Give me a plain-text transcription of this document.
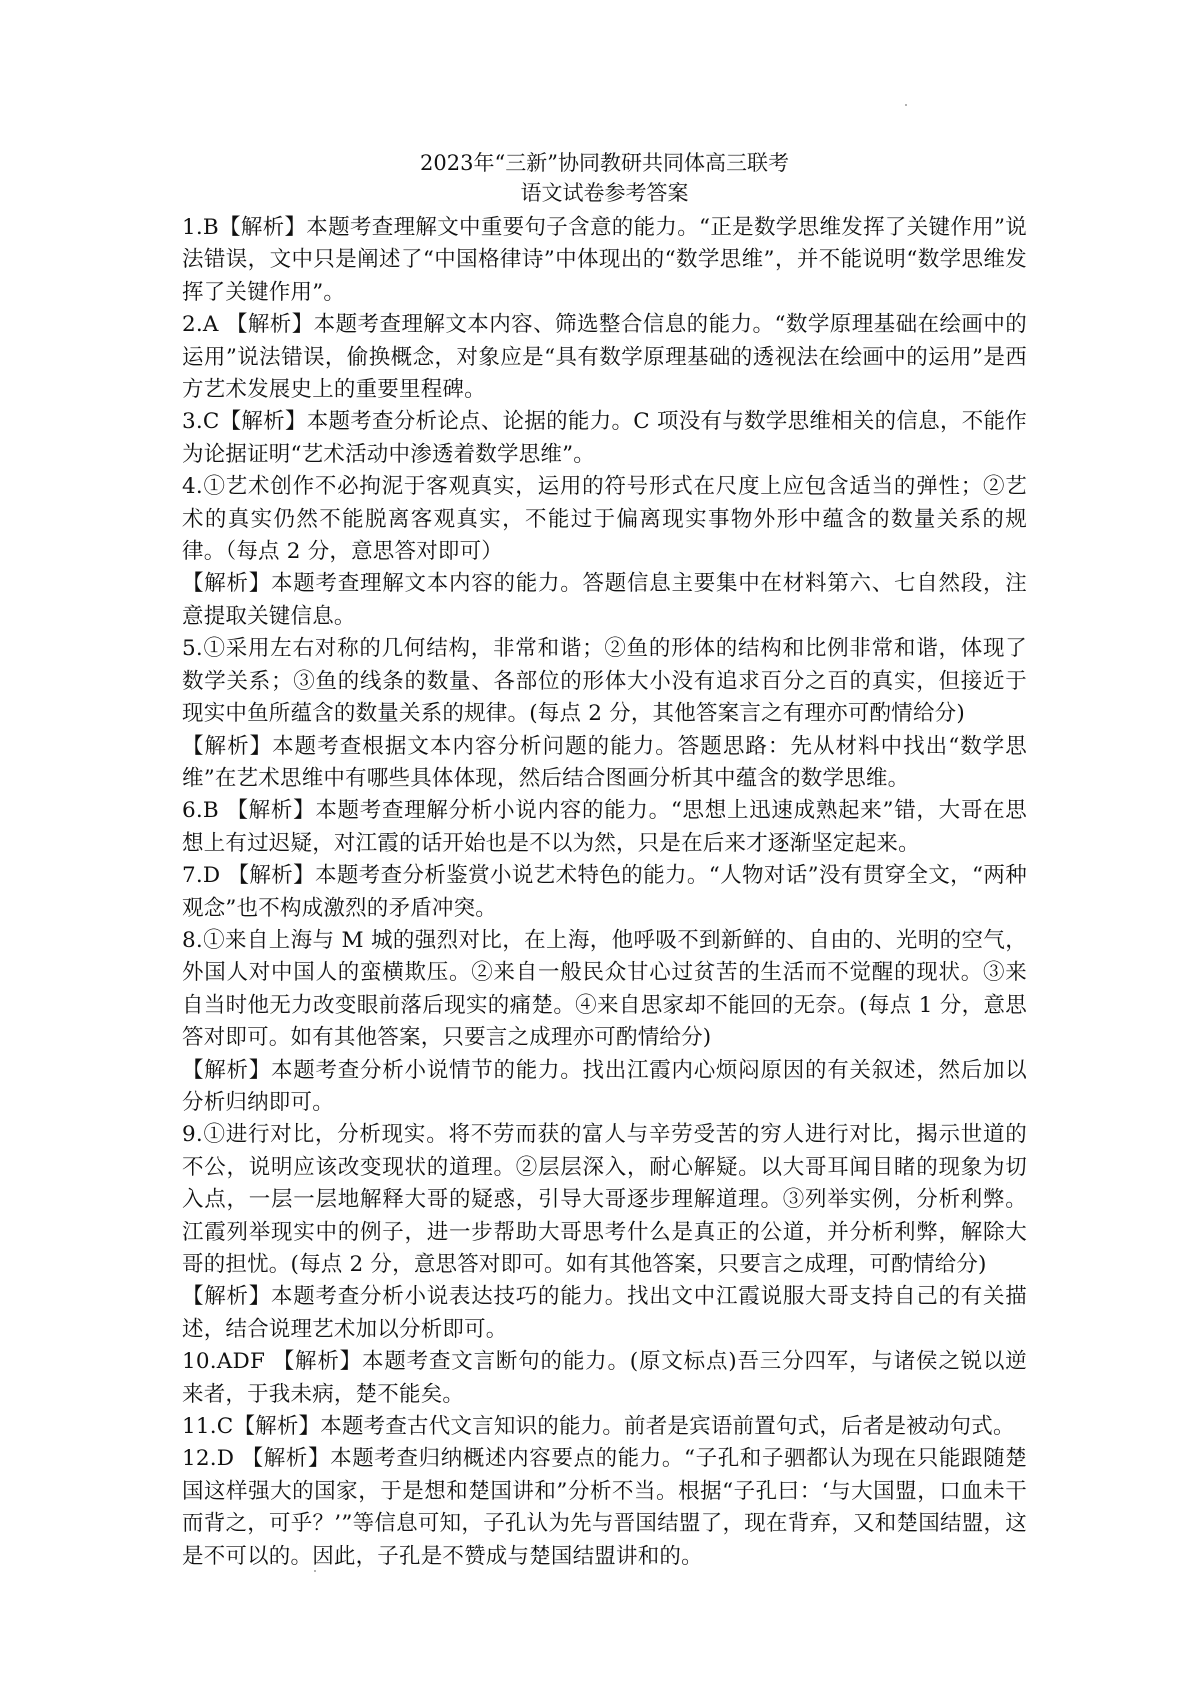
2023年“三新”协同教研共同体高三联考
语文试卷参考答案

1.B【解析】本题考查理解文中重要句子含意的能力。“正是数学思维发挥了关键作用”说法错误，文中只是阐述了“中国格律诗”中体现出的“数学思维”，并不能说明“数学思维发挥了关键作用”。

2.A 【解析】本题考查理解文本内容、筛选整合信息的能力。“数学原理基础在绘画中的运用”说法错误，偷换概念，对象应是“具有数学原理基础的透视法在绘画中的运用”是西方艺术发展史上的重要里程碑。

3.C【解析】本题考查分析论点、论据的能力。C 项没有与数学思维相关的信息，不能作为论据证明“艺术活动中渗透着数学思维”。

4.①艺术创作不必拘泥于客观真实，运用的符号形式在尺度上应包含适当的弹性；②艺术的真实仍然不能脱离客观真实，不能过于偏离现实事物外形中蕴含的数量关系的规律。（每点 2 分，意思答对即可）

【解析】本题考查理解文本内容的能力。答题信息主要集中在材料第六、七自然段，注意提取关键信息。

5.①采用左右对称的几何结构，非常和谐；②鱼的形体的结构和比例非常和谐，体现了数学关系；③鱼的线条的数量、各部位的形体大小没有追求百分之百的真实，但接近于现实中鱼所蕴含的数量关系的规律。(每点 2 分，其他答案言之有理亦可酌情给分)

【解析】本题考查根据文本内容分析问题的能力。答题思路：先从材料中找出“数学思维”在艺术思维中有哪些具体体现，然后结合图画分析其中蕴含的数学思维。

6.B 【解析】本题考查理解分析小说内容的能力。“思想上迅速成熟起来”错，大哥在思想上有过迟疑，对江霞的话开始也是不以为然，只是在后来才逐渐坚定起来。

7.D 【解析】本题考查分析鉴赏小说艺术特色的能力。“人物对话”没有贯穿全文，“两种观念”也不构成激烈的矛盾冲突。

8.①来自上海与 M 城的强烈对比，在上海，他呼吸不到新鲜的、自由的、光明的空气，外国人对中国人的蛮横欺压。②来自一般民众甘心过贫苦的生活而不觉醒的现状。③来自当时他无力改变眼前落后现实的痛楚。④来自思家却不能回的无奈。(每点 1 分，意思答对即可。如有其他答案，只要言之成理亦可酌情给分)

【解析】本题考查分析小说情节的能力。找出江霞内心烦闷原因的有关叙述，然后加以分析归纳即可。

9.①进行对比，分析现实。将不劳而获的富人与辛劳受苦的穷人进行对比，揭示世道的不公，说明应该改变现状的道理。②层层深入，耐心解疑。以大哥耳闻目睹的现象为切入点，一层一层地解释大哥的疑惑，引导大哥逐步理解道理。③列举实例，分析利弊。江霞列举现实中的例子，进一步帮助大哥思考什么是真正的公道，并分析利弊，解除大哥的担忧。(每点 2 分，意思答对即可。如有其他答案，只要言之成理，可酌情给分)

【解析】本题考查分析小说表达技巧的能力。找出文中江霞说服大哥支持自己的有关描述，结合说理艺术加以分析即可。

10.ADF 【解析】本题考查文言断句的能力。(原文标点)吾三分四军，与诸侯之锐以逆来者，于我未病，楚不能矣。

11.C【解析】本题考查古代文言知识的能力。前者是宾语前置句式，后者是被动句式。

12.D 【解析】本题考查归纳概述内容要点的能力。“子孔和子驷都认为现在只能跟随楚国这样强大的国家，于是想和楚国讲和”分析不当。根据“子孔曰：‘与大国盟，口血未干而背之，可乎？’”等信息可知，子孔认为先与晋国结盟了，现在背弃，又和楚国结盟，这是不可以的。因此，子孔是不赞成与楚国结盟讲和的。
